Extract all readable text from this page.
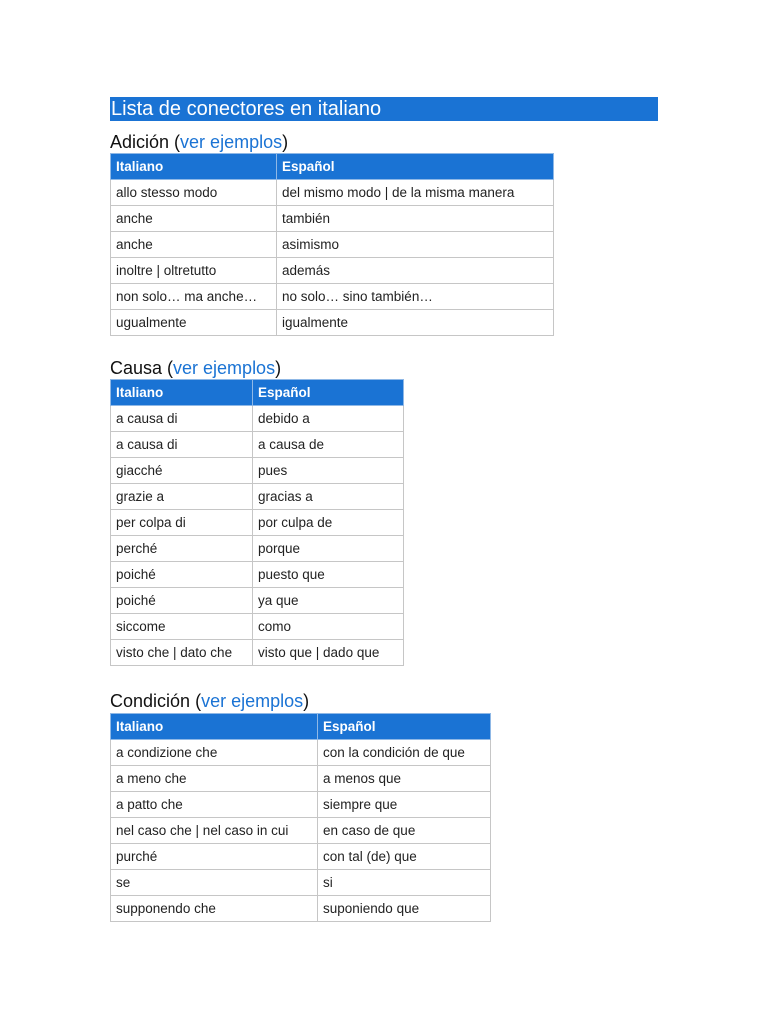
Lista de conectores en italiano
Adición (ver ejemplos)
Italiano	Español
allo stesso modo	del mismo modo | de la misma manera
anche	también
anche	asimismo
inoltre | oltretutto	además
non solo… ma anche…	no solo… sino también…
ugualmente	igualmente
Causa (ver ejemplos)
Italiano	Español
a causa di	debido a
a causa di	a causa de
giacché	pues
grazie a	gracias a
per colpa di	por culpa de
perché	porque
poiché	puesto que
poiché	ya que
siccome	como
visto che | dato che	visto que | dado que
Condición (ver ejemplos)
Italiano	Español
a condizione che	con la condición de que
a meno che	a menos que
a patto che	siempre que
nel caso che | nel caso in cui	en caso de que
purché	con tal (de) que
se	si
supponendo che	suponiendo que
